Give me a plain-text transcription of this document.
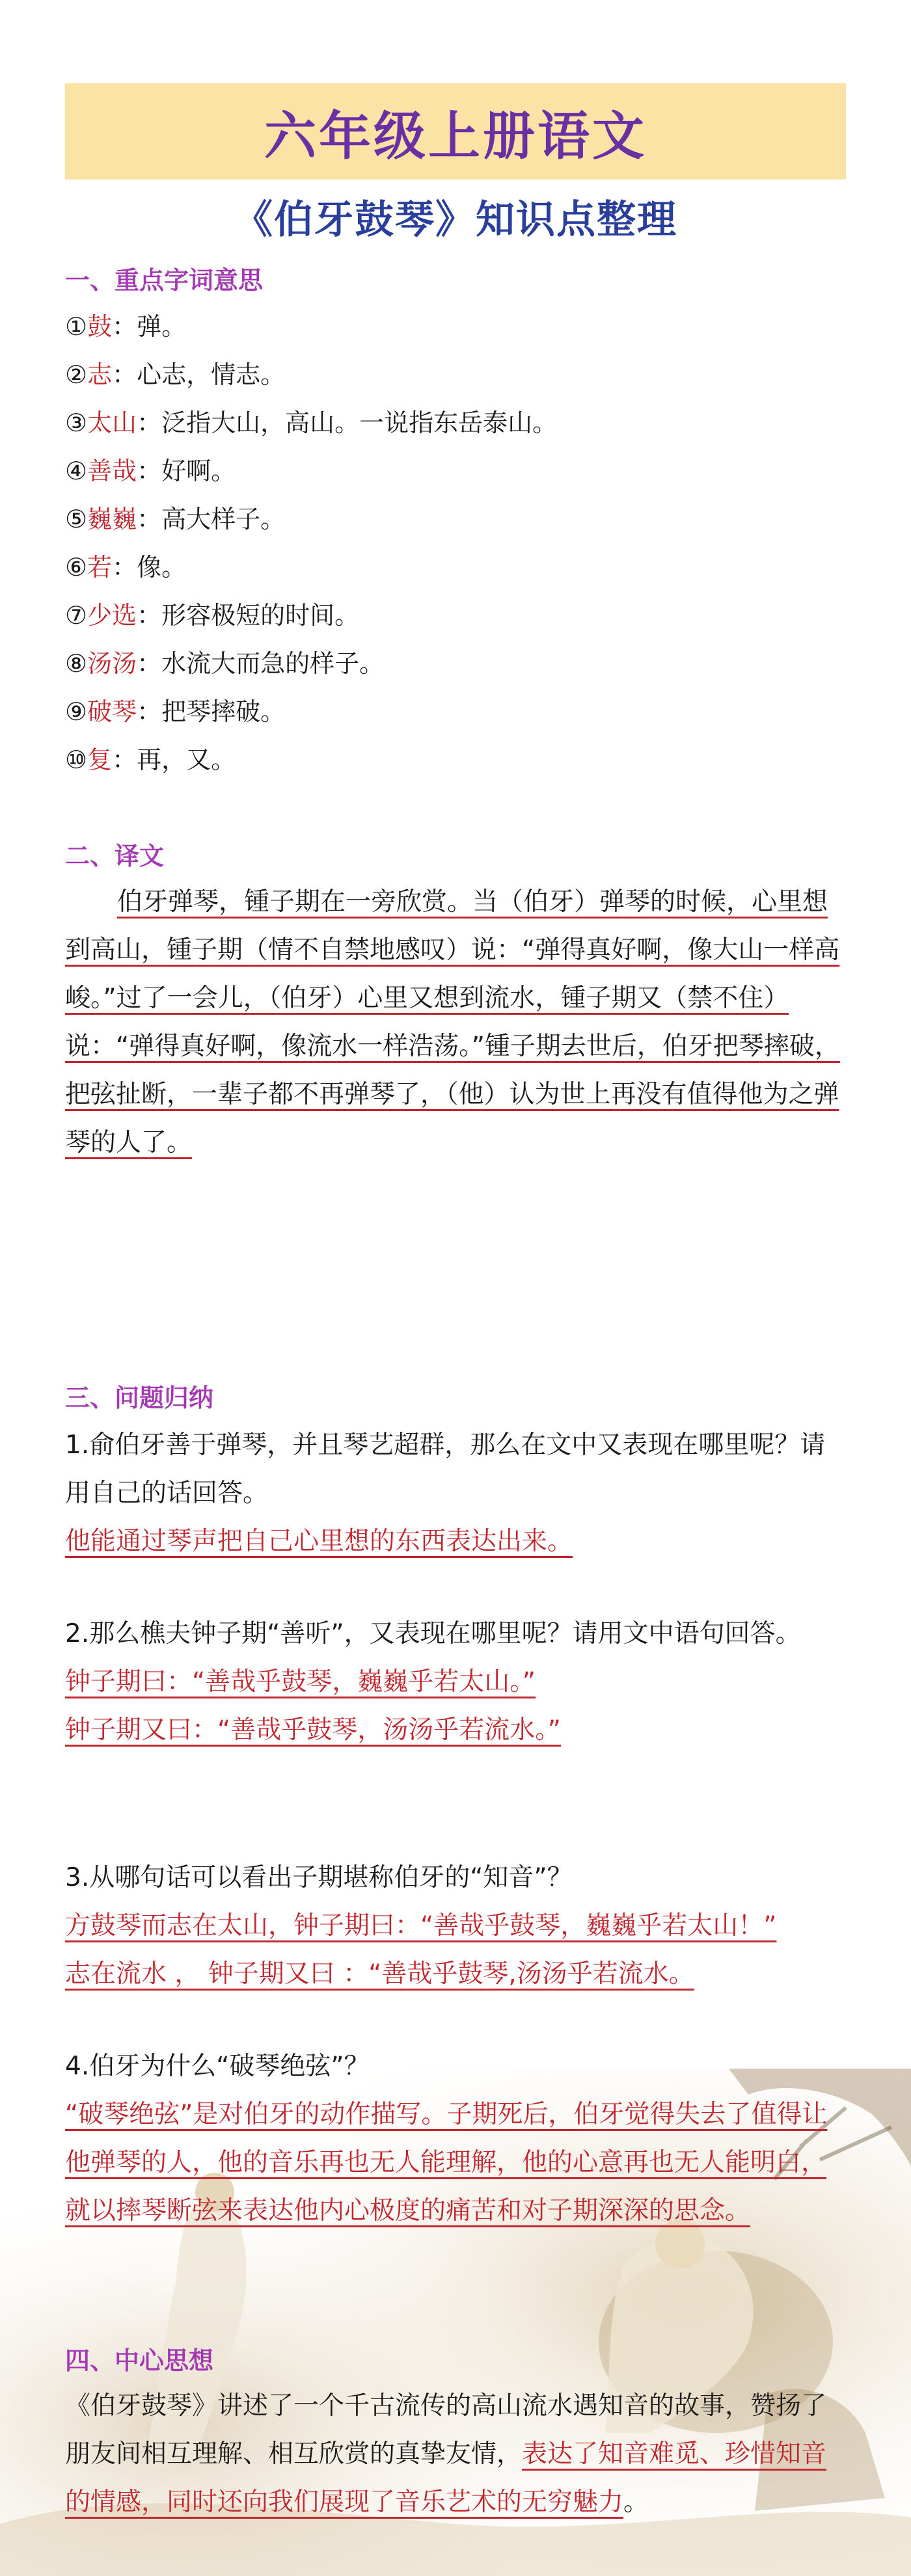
六年级上册语文
《伯牙鼓琴》知识点整理
一、重点字词意思
①鼓：弹。
②志：心志，情志。
③太山：泛指大山，高山。一说指东岳泰山。
④善哉：好啊。
⑤巍巍：高大样子。
⑥若：像。
⑦少选：形容极短的时间。
⑧汤汤：水流大而急的样子。
⑨破琴：把琴摔破。
⑩复：再，又。
二、译文
伯牙弹琴，锺子期在一旁欣赏。当（伯牙）弹琴的时候，心里想到高山，锺子期（情不自禁地感叹）说：“弹得真好啊，像大山一样高峻。”过了一会儿，（伯牙）心里又想到流水，锺子期又（禁不住）说：“弹得真好啊，像流水一样浩荡。”锺子期去世后，伯牙把琴摔破，把弦扯断，一辈子都不再弹琴了，（他）认为世上再没有值得他为之弹琴的人了。
三、问题归纳
1.俞伯牙善于弹琴，并且琴艺超群，那么在文中又表现在哪里呢？请用自己的话回答。
他能通过琴声把自己心里想的东西表达出来。
2.那么樵夫钟子期“善听”，又表现在哪里呢？请用文中语句回答。
钟子期曰：“善哉乎鼓琴，巍巍乎若太山。”
钟子期又曰：“善哉乎鼓琴，汤汤乎若流水。”
3.从哪句话可以看出子期堪称伯牙的“知音”？
方鼓琴而志在太山，钟子期曰：“善哉乎鼓琴，巍巍乎若太山！”
志在流水 ， 钟子期又曰 ：“善哉乎鼓琴,汤汤乎若流水。
4.伯牙为什么“破琴绝弦”？
“破琴绝弦”是对伯牙的动作描写。子期死后，伯牙觉得失去了值得让他弹琴的人，他的音乐再也无人能理解，他的心意再也无人能明白，就以摔琴断弦来表达他内心极度的痛苦和对子期深深的思念。
四、中心思想
《伯牙鼓琴》讲述了一个千古流传的高山流水遇知音的故事，赞扬了朋友间相互理解、相互欣赏的真挚友情，表达了知音难觅、珍惜知音的情感，同时还向我们展现了音乐艺术的无穷魅力。
